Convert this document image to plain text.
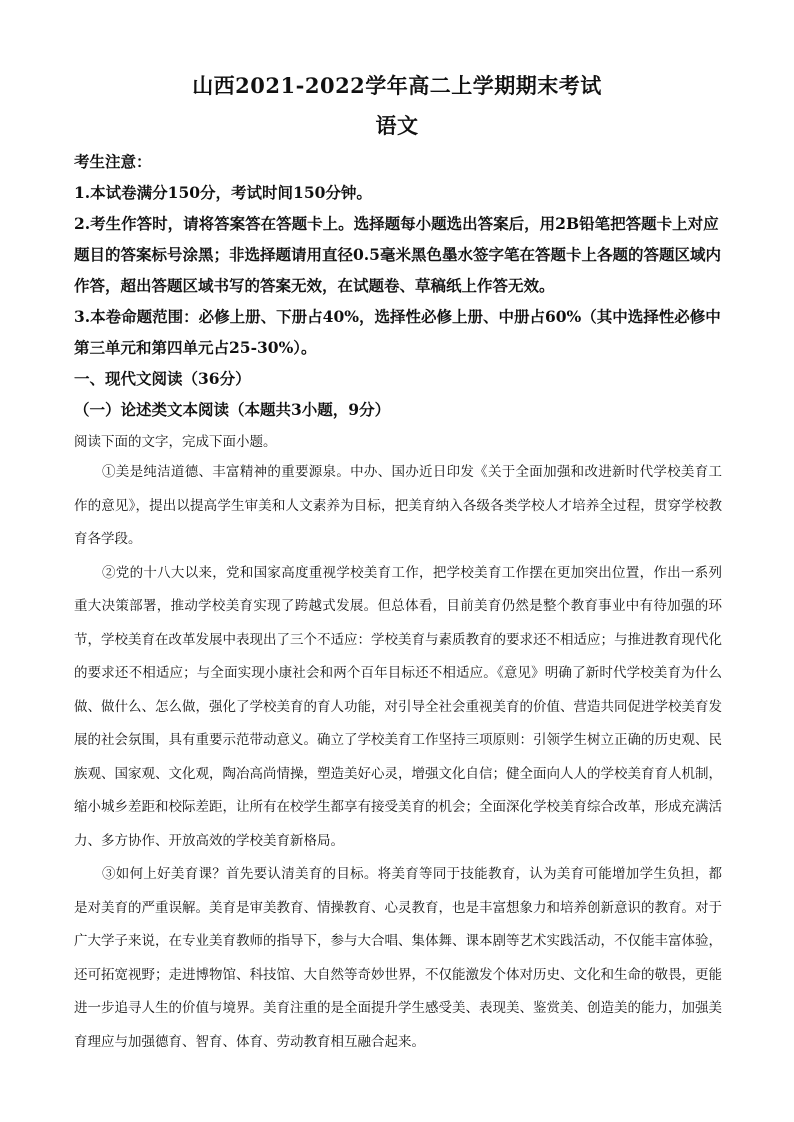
山西2021-2022学年高二上学期期末考试
语文

考生注意：

1.本试卷满分150分，考试时间150分钟。

2.考生作答时，请将答案答在答题卡上。选择题每小题选出答案后，用2B铅笔把答题卡上对应题目的答案标号涂黑；非选择题请用直径0.5毫米黑色墨水签字笔在答题卡上各题的答题区域内作答，超出答题区域书写的答案无效，在试题卷、草稿纸上作答无效。

3.本卷命题范围：必修上册、下册占40%，选择性必修上册、中册占60%（其中选择性必修中第三单元和第四单元占25-30%）。

一、现代文阅读（36分）

（一）论述类文本阅读（本题共3小题，9分）

阅读下面的文字，完成下面小题。

①美是纯洁道德、丰富精神的重要源泉。中办、国办近日印发《关于全面加强和改进新时代学校美育工作的意见》，提出以提高学生审美和人文素养为目标，把美育纳入各级各类学校人才培养全过程，贯穿学校教育各学段。

②党的十八大以来，党和国家高度重视学校美育工作，把学校美育工作摆在更加突出位置，作出一系列重大决策部署，推动学校美育实现了跨越式发展。但总体看，目前美育仍然是整个教育事业中有待加强的环节，学校美育在改革发展中表现出了三个不适应：学校美育与素质教育的要求还不相适应；与推进教育现代化的要求还不相适应；与全面实现小康社会和两个百年目标还不相适应。《意见》明确了新时代学校美育为什么做、做什么、怎么做，强化了学校美育的育人功能，对引导全社会重视美育的价值、营造共同促进学校美育发展的社会氛围，具有重要示范带动意义。确立了学校美育工作坚持三项原则：引领学生树立正确的历史观、民族观、国家观、文化观，陶冶高尚情操，塑造美好心灵，增强文化自信；健全面向人人的学校美育育人机制，缩小城乡差距和校际差距，让所有在校学生都享有接受美育的机会；全面深化学校美育综合改革，形成充满活力、多方协作、开放高效的学校美育新格局。

③如何上好美育课？首先要认清美育的目标。将美育等同于技能教育，认为美育可能增加学生负担，都是对美育的严重误解。美育是审美教育、情操教育、心灵教育，也是丰富想象力和培养创新意识的教育。对于广大学子来说，在专业美育教师的指导下，参与大合唱、集体舞、课本剧等艺术实践活动，不仅能丰富体验，还可拓宽视野；走进博物馆、科技馆、大自然等奇妙世界，不仅能激发个体对历史、文化和生命的敬畏，更能进一步追寻人生的价值与境界。美育注重的是全面提升学生感受美、表现美、鉴赏美、创造美的能力，加强美育理应与加强德育、智育、体育、劳动教育相互融合起来。
